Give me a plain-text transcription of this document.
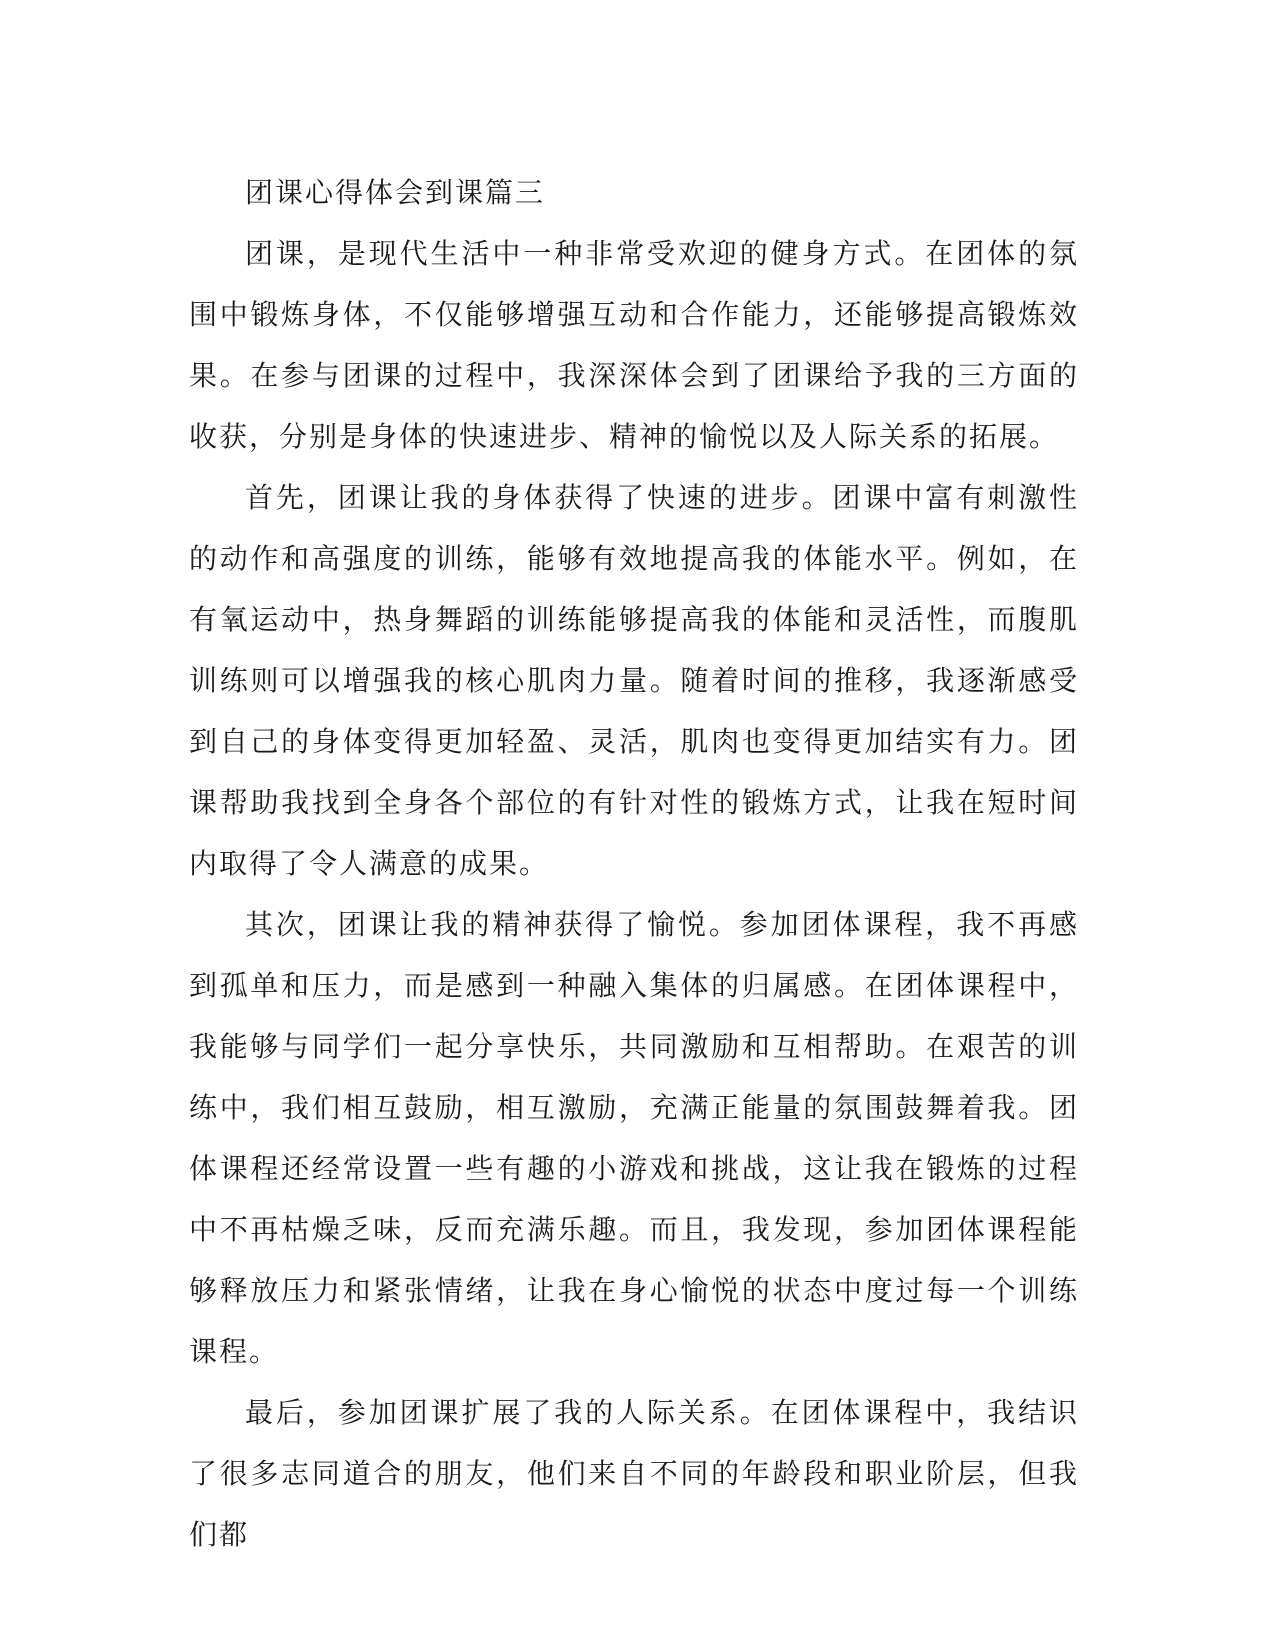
团课心得体会到课篇三

团课，是现代生活中一种非常受欢迎的健身方式。在团体的氛围中锻炼身体，不仅能够增强互动和合作能力，还能够提高锻炼效果。在参与团课的过程中，我深深体会到了团课给予我的三方面的收获，分别是身体的快速进步、精神的愉悦以及人际关系的拓展。

首先，团课让我的身体获得了快速的进步。团课中富有刺激性的动作和高强度的训练，能够有效地提高我的体能水平。例如，在有氧运动中，热身舞蹈的训练能够提高我的体能和灵活性，而腹肌训练则可以增强我的核心肌肉力量。随着时间的推移，我逐渐感受到自己的身体变得更加轻盈、灵活，肌肉也变得更加结实有力。团课帮助我找到全身各个部位的有针对性的锻炼方式，让我在短时间内取得了令人满意的成果。

其次，团课让我的精神获得了愉悦。参加团体课程，我不再感到孤单和压力，而是感到一种融入集体的归属感。在团体课程中，我能够与同学们一起分享快乐，共同激励和互相帮助。在艰苦的训练中，我们相互鼓励，相互激励，充满正能量的氛围鼓舞着我。团体课程还经常设置一些有趣的小游戏和挑战，这让我在锻炼的过程中不再枯燥乏味，反而充满乐趣。而且，我发现，参加团体课程能够释放压力和紧张情绪，让我在身心愉悦的状态中度过每一个训练课程。

最后，参加团课扩展了我的人际关系。在团体课程中，我结识了很多志同道合的朋友，他们来自不同的年龄段和职业阶层，但我们都
